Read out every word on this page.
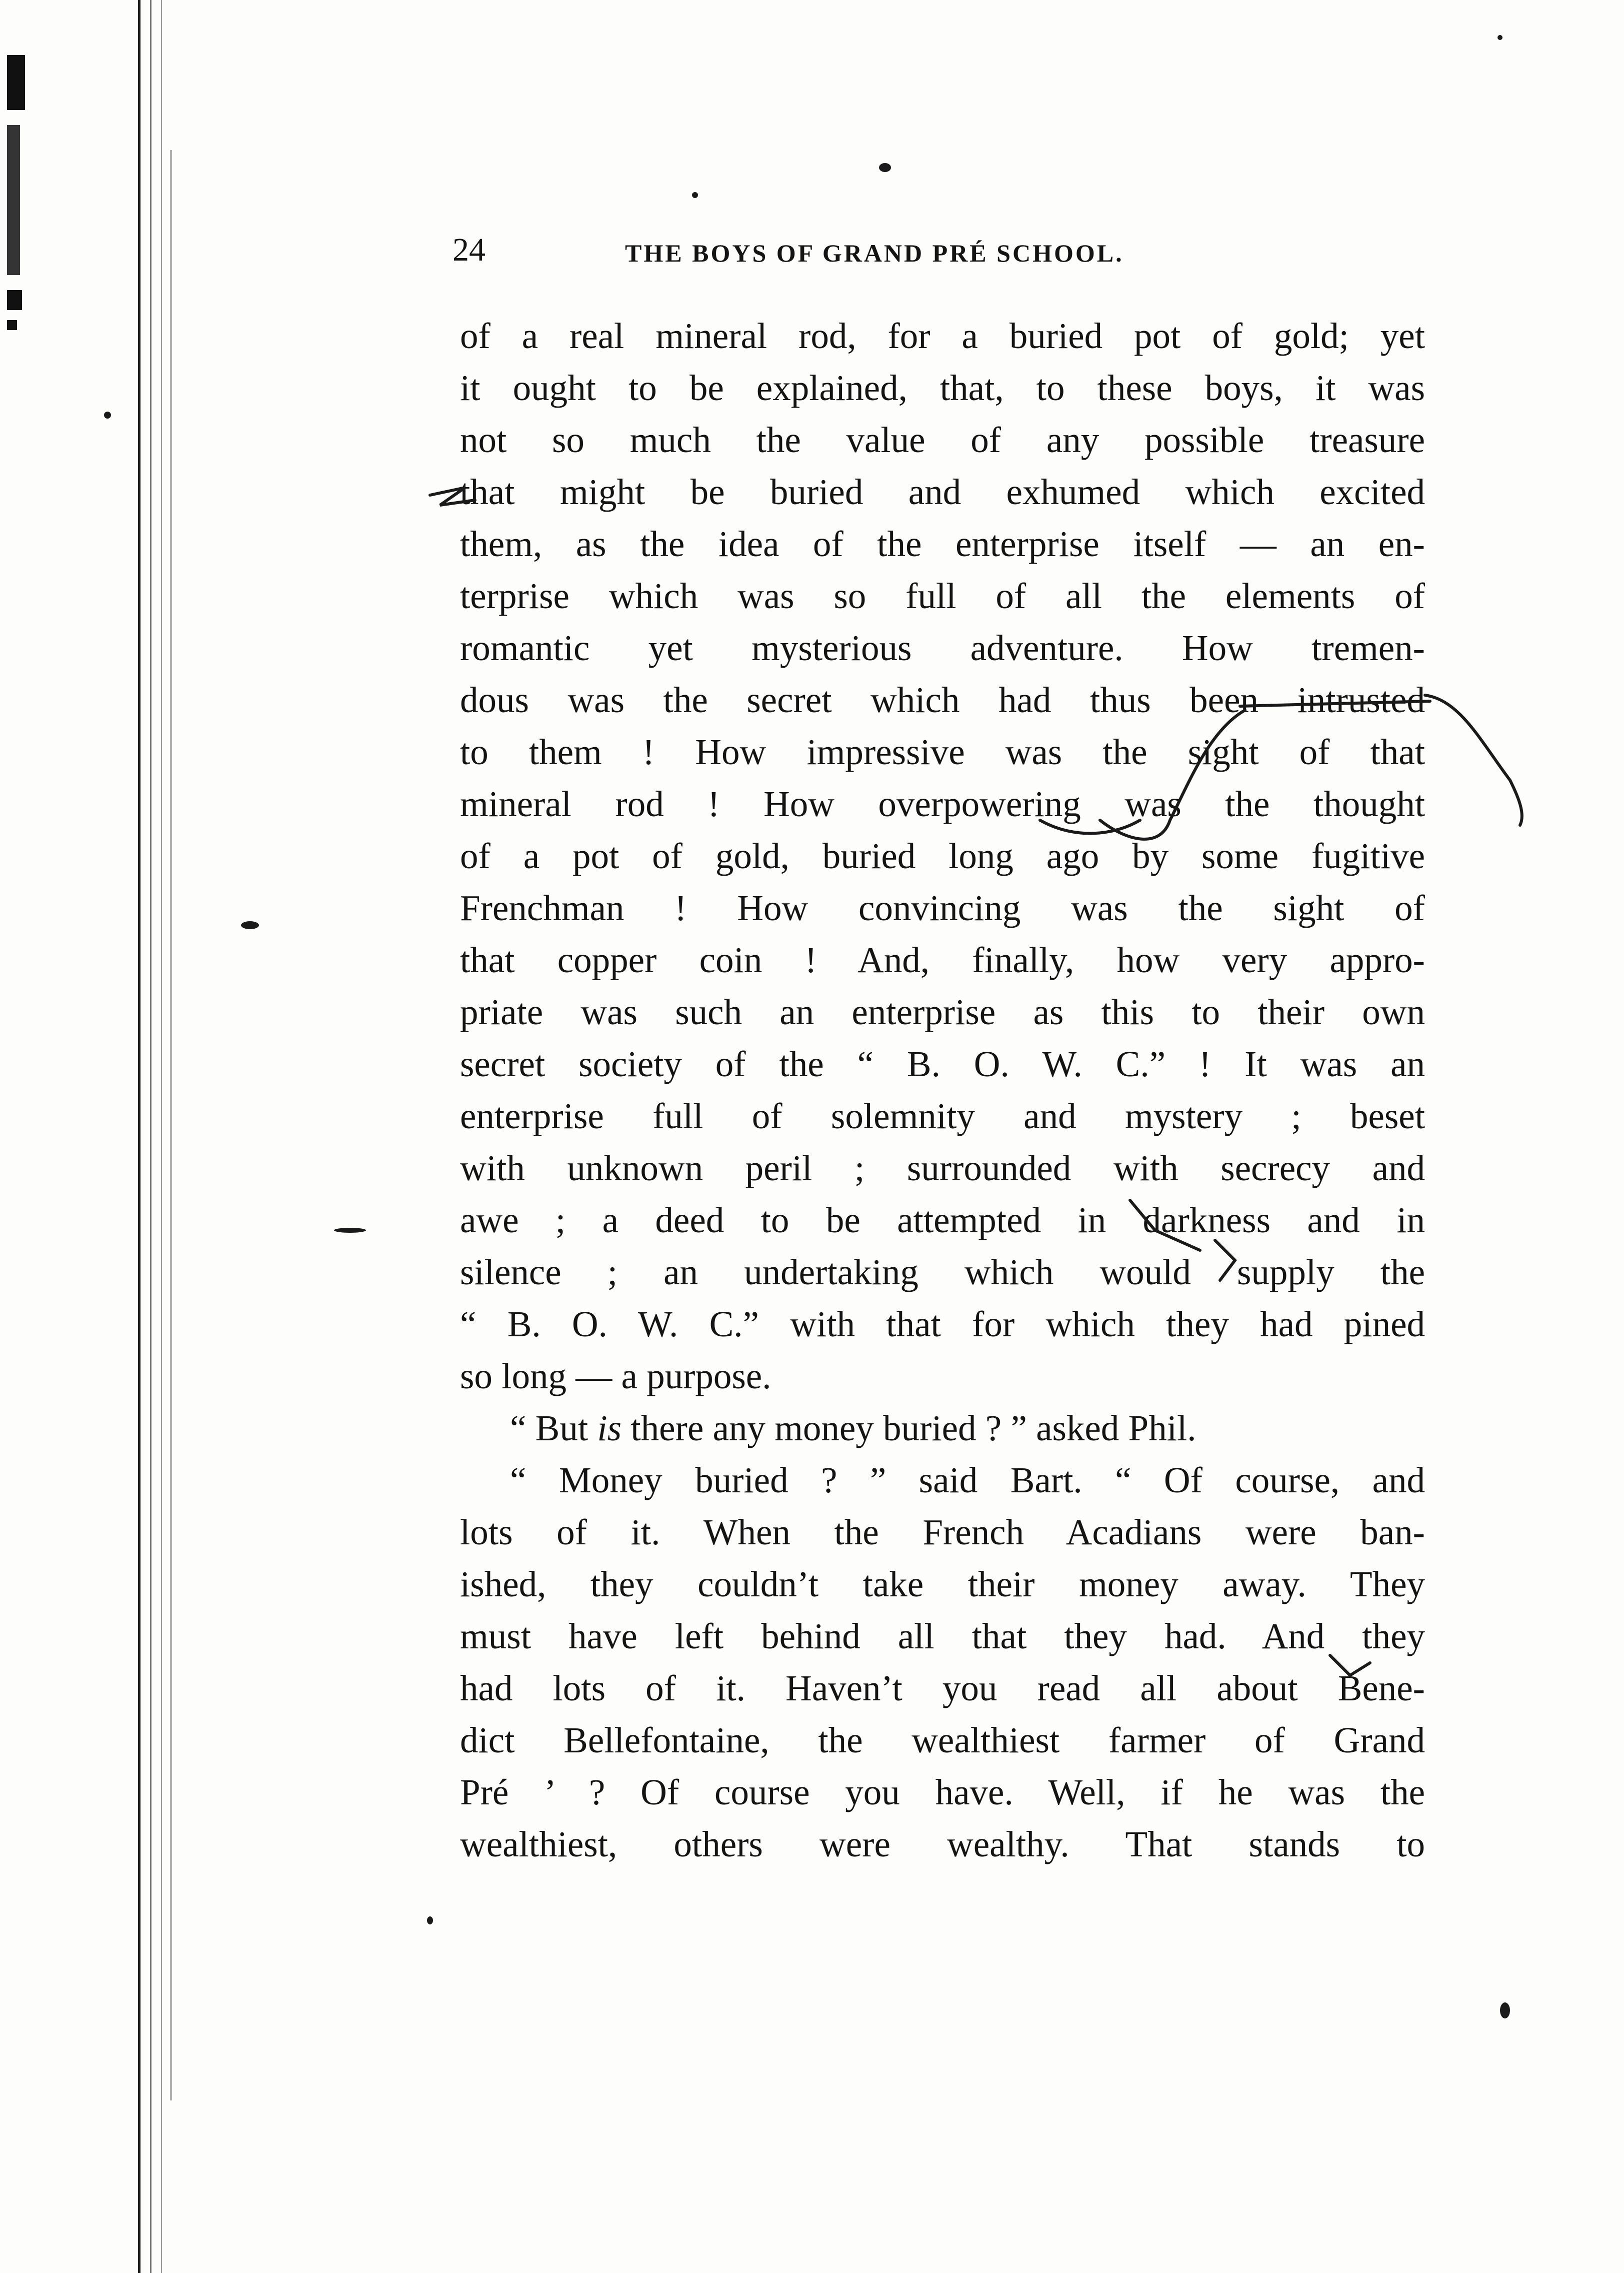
24	THE BOYS OF GRAND PRÉ SCHOOL.
of a real mineral rod, for a buried pot of gold; yet
it ought to be explained, that, to these boys, it was
not so much the value of any possible treasure
that might be buried and exhumed which excited
them, as the idea of the enterprise itself — an en-
terprise which was so full of all the elements of
romantic yet mysterious adventure. How tremen-
dous was the secret which had thus been intrusted
to them ! How impressive was the sight of that
mineral rod ! How overpowering was the thought
of a pot of gold, buried long ago by some fugitive
Frenchman ! How convincing was the sight of
that copper coin ! And, finally, how very appro-
priate was such an enterprise as this to their own
secret society of the “ B. O. W. C.” ! It was an
enterprise full of solemnity and mystery ; beset
with unknown peril ; surrounded with secrecy and
awe ; a deed to be attempted in darkness and in
silence ; an undertaking which would supply the
“ B. O. W. C.” with that for which they had pined
so long — a purpose.
“ But is there any money buried ? ” asked Phil.
“ Money buried ? ” said Bart. “ Of course, and
lots of it. When the French Acadians were ban-
ished, they couldn’t take their money away. They
must have left behind all that they had. And they
had lots of it. Haven’t you read all about Bene-
dict Bellefontaine, the wealthiest farmer of Grand
Pré ’ ? Of course you have. Well, if he was the
wealthiest, others were wealthy. That stands to
